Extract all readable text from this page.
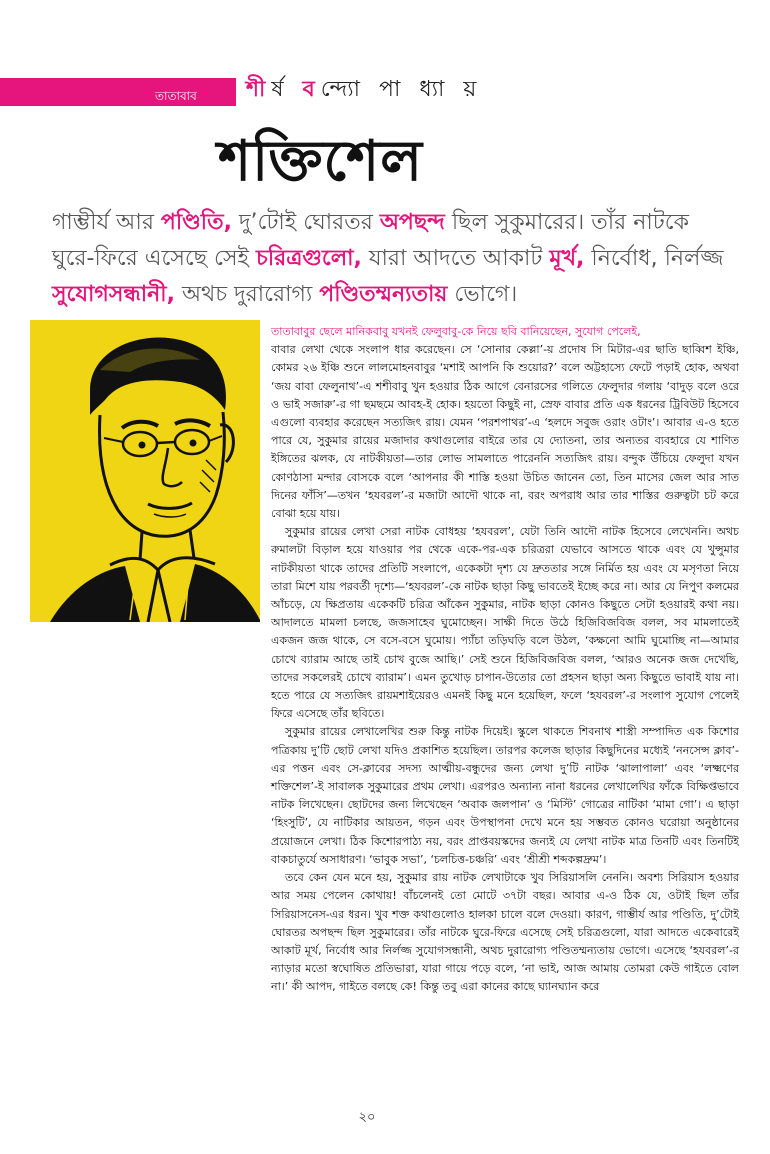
তাতাবাব শীর্ষ বন্দ্যো পা ধ্যা য়
শক্তিশেল
গাম্ভীর্য আর পণ্ডিতি, দু’টোই ঘোরতর অপছন্দ ছিল সুকুমারের। তাঁর নাটকে ঘুরে-ফিরে এসেছে সেই চরিত্রগুলো, যারা আদতে আকাট মূর্খ, নির্বোধ, নির্লজ্জ সুযোগসন্ধানী, অথচ দুরারোগ্য পণ্ডিতম্মন্যতায় ভোগে।

তাতাবাবুর ছেলে মানিকবাবু যখনই ফেলুবাবু-কে নিয়ে ছবি বানিয়েছেন, সুযোগ পেলেই,

বাবার লেখা থেকে সংলাপ ধার করেছেন। সে ‘সোনার কেল্লা’-য় প্রদোষ সি মিটার-এর ছাতি ছাব্বিশ ইঞ্চি, কোমর ২৬ ইঞ্চি শুনে লালমোহনবাবুর ‘মশাই আপনি কি শুয়োর?’ বলে অট্টহাস্যে ফেটে পড়াই হোক, অথবা ‘জয় বাবা ফেলুনাথ’-এ শশীবাবু খুন হওয়ার ঠিক আগে বেনারসের গলিতে ফেলুদার গলায় ‘বাদুড় বলে ওরে ও ভাই সজারু’-র গা ছমছমে আবহ-ই হোক। হয়তো কিছুই না, স্রেফ বাবার প্রতি এক ধরনের ট্রিবিউট হিসেবে এগুলো ব্যবহার করেছেন সত্যজিৎ রায়। যেমন ‘পরশপাথর’-এ ‘হলদে সবুজ ওরাং ওটাং’। আবার এ-ও হতে পারে যে, সুকুমার রায়ের মজাদার কথাগুলোর বাইরে তার যে দ্যোতনা, তার অন্যতর ব্যবহারে যে শাণিত ইঙ্গিতের ঝলক, যে নাটকীয়তা—তার লোভ সামলাতে পারেননি সত্যজিৎ রায়। বন্দুক উঁচিয়ে ফেলুদা যখন কোণঠাসা মন্দার বোসকে বলে ‘আপনার কী শাস্তি হওয়া উচিত জানেন তো, তিন মাসের জেল আর সাত দিনের ফাঁসি’—তখন ‘হযবরল’-র মজাটা আদৌ থাকে না, বরং অপরাধ আর তার শাস্তির গুরুত্বটা চট করে বোঝা হয়ে যায়।

সুকুমার রায়ের লেখা সেরা নাটক বোধহয় ‘হযবরল’, যেটা তিনি আদৌ নাটক হিসেবে লেখেননি। অথচ রুমালটা বিড়াল হয়ে যাওয়ার পর থেকে একে-পর-এক চরিত্ররা যেভাবে আসতে থাকে এবং যে খুন্সুমার নাটকীয়তা থাকে তাদের প্রতিটি সংলাপে, একেকটা দৃশ্য যে দ্রুততার সঙ্গে নির্মিত হয় এবং যে মসৃণতা নিয়ে তারা মিশে যায় পরবর্তী দৃশ্যে—‘হযবরল’-কে নাটক ছাড়া কিছু ভাবতেই ইচ্ছে করে না। আর যে নিপুণ কলমের আঁচড়ে, যে ক্ষিপ্রতায় একেকটি চরিত্র আঁকেন সুকুমার, নাটক ছাড়া কোনও কিছুতে সেটা হওয়ারই কথা নয়। আদালতে মামলা চলছে, জজসাহেব ঘুমোচ্ছেন। সাক্ষী দিতে উঠে হিজিবিজবিজ বলল, সব মামলাতেই একজন জজ থাকে, সে বসে-বসে ঘুমোয়। প্যাঁচা তড়িঘড়ি বলে উঠল, ‘কক্ষনো আমি ঘুমোচ্ছি না—আমার চোখে ব্যারাম আছে তাই চোখ বুজে আছি।’ সেই শুনে হিজিবিজবিজ বলল, ‘আরও অনেক জজ দেখেছি, তাদের সকলেরই চোখে ব্যারাম’। এমন তুখোড় চাপান-উতোর তো প্রহসন ছাড়া অন্য কিছুতে ভাবাই যায় না। হতে পারে যে সত্যজিৎ রায়মশাইয়েরও এমনই কিছু মনে হয়েছিল, ফলে ‘হযবরল’-র সংলাপ সুযোগ পেলেই ফিরে এসেছে তাঁর ছবিতে।

সুকুমার রায়ের লেখালেখির শুরু কিন্তু নাটক দিয়েই। স্কুলে থাকতে শিবনাথ শাস্ত্রী সম্পাদিত এক কিশোর পত্রিকায় দু’টি ছোট লেখা যদিও প্রকাশিত হয়েছিল। তারপর কলেজ ছাড়ার কিছুদিনের মধ্যেই ‘ননসেন্স ক্লাব’-এর পত্তন এবং সে-ক্লাবের সদস্য আত্মীয়-বন্ধুদের জন্য লেখা দু’টি নাটক ‘ঝালাপালা’ এবং ‘লক্ষ্মণের শক্তিশেল’-ই সাবালক সুকুমারের প্রথম লেখা। এরপরও অন্যান্য নানা ধরনের লেখালেখির ফাঁকে বিক্ষিপ্তভাবে নাটক লিখেছেন। ছোটদের জন্য লিখেছেন ‘অবাক জলপান’ ও ‘মিস্টি’ গোত্রের নাটিকা ‘মামা গো’। এ ছাড়া ‘হিংসুটি’, যে নাটিকার আয়তন, গড়ন এবং উপস্থাপনা দেখে মনে হয় সম্ভবত কোনও ঘরোয়া অনুষ্ঠানের প্রয়োজনে লেখা। ঠিক কিশোরপাঠ্য নয়, বরং প্রাপ্তবয়স্কদের জন্যই যে লেখা নাটক মাত্র তিনটি এবং তিনটিই বাকচাতুর্যে অসাধারণ। ‘ভাবুক সভা’, ‘চলচিত্ত-চঞ্চরি’ এবং ‘শ্রীশ্রী শব্দকল্পদ্রুম’।

তবে কেন যেন মনে হয়, সুকুমার রায় নাটক লেখাটাকে খুব সিরিয়াসলি নেননি। অবশ্য সিরিয়াস হওয়ার আর সময় পেলেন কোথায়! বাঁচলেনই তো মোটে ৩৭টা বছর। আবার এ-ও ঠিক যে, ওটাই ছিল তাঁর সিরিয়াসনেস-এর ধরন। খুব শক্ত কথাগুলোও হালকা চালে বলে দেওয়া। কারণ, গাম্ভীর্য আর পণ্ডিতি, দু’টোই ঘোরতর অপছন্দ ছিল সুকুমারের। তাঁর নাটকে ঘুরে-ফিরে এসেছে সেই চরিত্রগুলো, যারা আদতে একেবারেই আকাট মূর্খ, নির্বোধ আর নির্লজ্জ সুযোগসন্ধানী, অথচ দুরারোগ্য পণ্ডিতম্মন্যতায় ভোগে। এসেছে ‘হযবরল’-র ন্যাড়ার মতো স্বঘোষিত প্রতিভারা, যারা গায়ে পড়ে বলে, ‘না ভাই, আজ আমায় তোমরা কেউ গাইতে বোল না।’ কী আপদ, গাইতে বলছে কে! কিন্তু তবু এরা কানের কাছে ঘ্যানঘ্যান করে

২০
